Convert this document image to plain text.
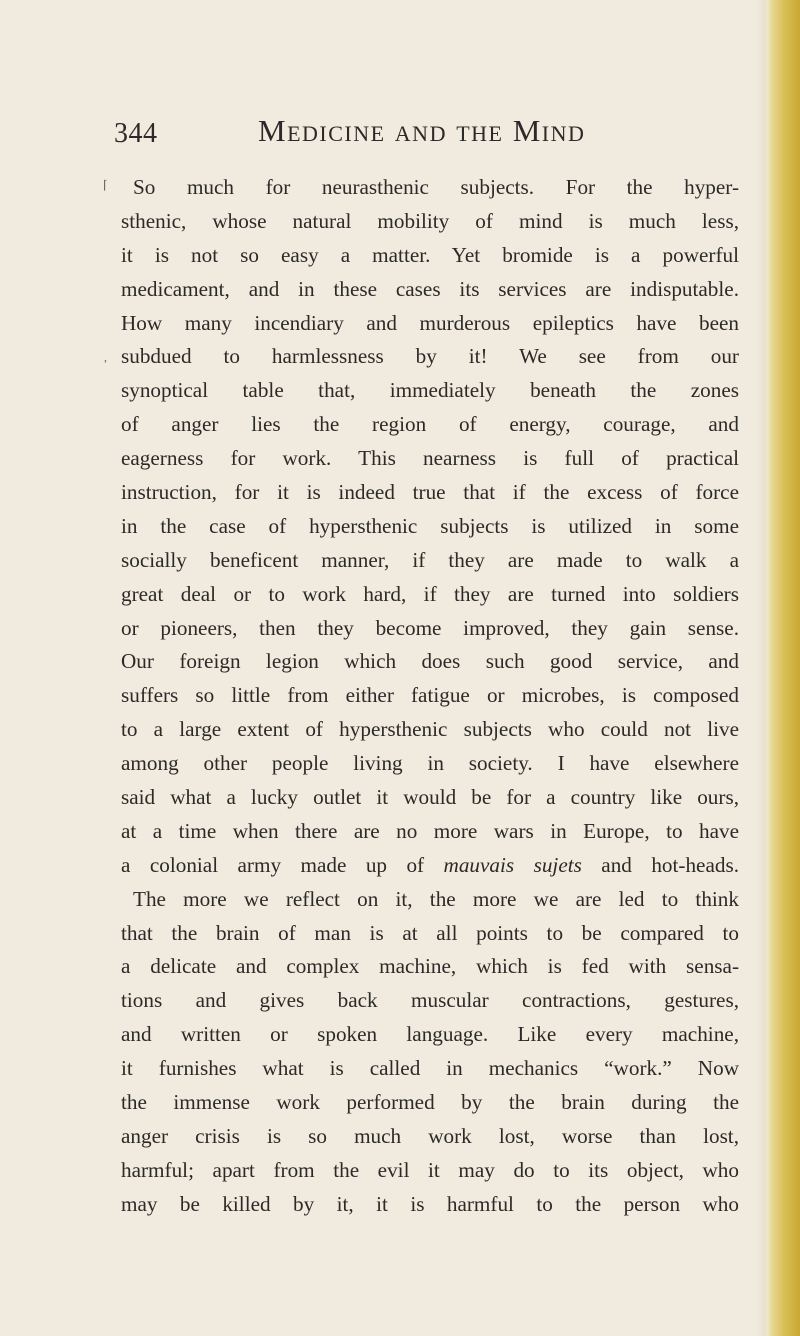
344	Medicine and the Mind
⌈
,
So much for neurasthenic subjects. For the hyper-
sthenic, whose natural mobility of mind is much less,
it is not so easy a matter. Yet bromide is a powerful
medicament, and in these cases its services are indisputable.
How many incendiary and murderous epileptics have been
subdued to harmlessness by it! We see from our
synoptical table that, immediately beneath the zones
of anger lies the region of energy, courage, and
eagerness for work. This nearness is full of practical
instruction, for it is indeed true that if the excess of force
in the case of hypersthenic subjects is utilized in some
socially beneficent manner, if they are made to walk a
great deal or to work hard, if they are turned into soldiers
or pioneers, then they become improved, they gain sense.
Our foreign legion which does such good service, and
suffers so little from either fatigue or microbes, is composed
to a large extent of hypersthenic subjects who could not live
among other people living in society. I have elsewhere
said what a lucky outlet it would be for a country like ours,
at a time when there are no more wars in Europe, to have
a colonial army made up of mauvais sujets and hot-heads.
The more we reflect on it, the more we are led to think
that the brain of man is at all points to be compared to
a delicate and complex machine, which is fed with sensa-
tions and gives back muscular contractions, gestures,
and written or spoken language. Like every machine,
it furnishes what is called in mechanics “work.” Now
the immense work performed by the brain during the
anger crisis is so much work lost, worse than lost,
harmful; apart from the evil it may do to its object, who
may be killed by it, it is harmful to the person who
